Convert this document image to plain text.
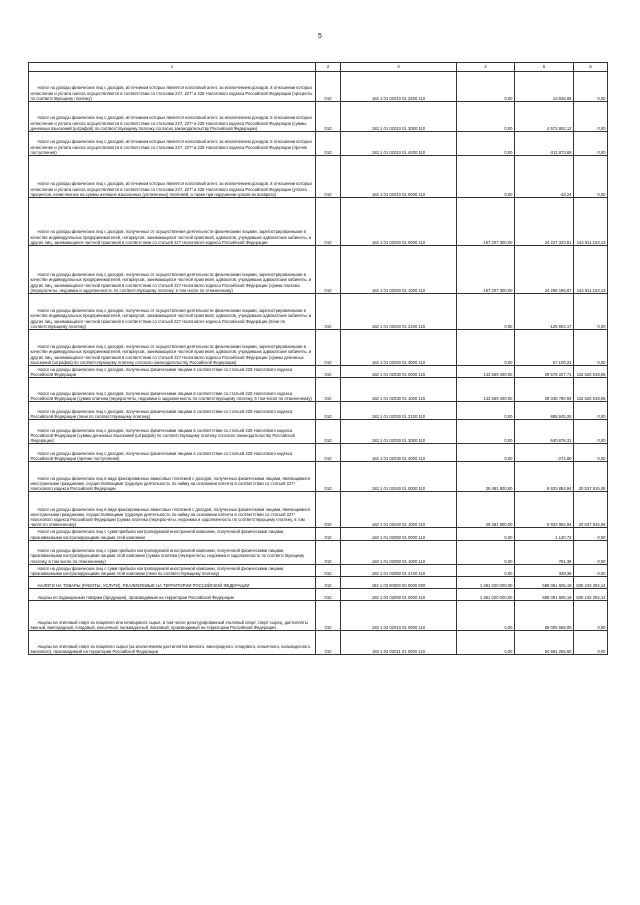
5
1	2	3	4	5	6
Налог на доходы физических лиц с доходов, источником которых является налоговый агент, за исключением доходов, в отношении которых исчисление и уплата налога осуществляются в соответствии со статьями 227, 227¹ и 228 Налогового кодекса Российской Федерации (проценты по соответствующему платежу)	010	182 1 01 02010 01 2200 110	0,00	13 826,66	0,00
Налог на доходы физических лиц с доходов, источником которых является налоговый агент, за исключением доходов, в отношении которых исчисление и уплата налога осуществляются в соответствии со статьями 227, 227¹ и 228 Налогового кодекса Российской Федерации (суммы денежных взысканий (штрафов) по соответствующему платежу согласно законодательству Российской Федерации)	010	182 1 01 02010 01 3000 110	0,00	4 573 902,12	0,00
Налог на доходы физических лиц с доходов, источником которых является налоговый агент, за исключением доходов, в отношении которых исчисление и уплата налога осуществляются в соответствии со статьями 227, 227¹ и 228 Налогового кодекса Российской Федерации (прочие поступления)	010	182 1 01 02010 01 4000 110	0,00	-211 873,69	0,00
Налог на доходы физических лиц с доходов, источником которых является налоговый агент, за исключением доходов, в отношении которых исчисление и уплата налога осуществляются в соответствии со статьями 227, 227¹ и 228 Налогового кодекса Российской Федерации (уплата процентов, начисленных на суммы излишне взысканных (уплаченных) платежей, а также при нарушении сроков их возврата)	010	182 1 01 02010 01 5000 110	0,00	-43,24	0,00
Налог на доходы физических лиц с доходов, полученных от осуществления деятельности физическими лицами, зарегистрированными в качестве индивидуальных предпринимателей, нотариусов, занимающихся частной практикой, адвокатов, учредивших адвокатские кабинеты, и других лиц, занимающихся частной практикой в соответствии со статьей 227 Налогового кодекса Российской Федерации	010	182 1 01 02020 01 0000 110	167 207 300,00	24 227 333,81	142 911 103,13
Налог на доходы физических лиц с доходов, полученных от осуществления деятельности физическими лицами, зарегистрированными в качестве индивидуальных предпринимателей, нотариусов, занимающихся частной практикой, адвокатов, учредивших адвокатские кабинеты, и других лиц, занимающихся частной практикой в соответствии со статьей 227 Налогового кодекса Российской Федерации (сумма платежа (перерасчеты, недоимка и задолженность по соответствующему платежу, в том числе по отмененному)	010	182 1 01 02020 01 1000 110	167 207 300,00	24 296 196,87	142 911 103,13
Налог на доходы физических лиц с доходов, полученных от осуществления деятельности физическими лицами, зарегистрированными в качестве индивидуальных предпринимателей, нотариусов, занимающихся частной практикой, адвокатов, учредивших адвокатские кабинеты, и других лиц, занимающихся частной практикой в соответствии со статьей 227 Налогового кодекса Российской Федерации (пени по соответствующему платежу)	010	182 1 01 02020 01 2100 110	0,00	-125 903,17	0,00
Налог на доходы физических лиц с доходов, полученных от осуществления деятельности физическими лицами, зарегистрированными в качестве индивидуальных предпринимателей, нотариусов, занимающихся частной практикой, адвокатов, учредивших адвокатские кабинеты, и других лиц, занимающихся частной практикой в соответствии со статьей 227 Налогового кодекса Российской Федерации (суммы денежных взысканий (штрафов) по соответствующему платежу согласно законодательству Российской Федерации)	010	182 1 01 02020 01 3000 110	0,00	57 100,21	0,00
Налог на доходы физических лиц с доходов, полученных физическими лицами в соответствии со статьей 228 Налогового кодекса Российской Федерации	010	182 1 01 02030 01 0000 110	143 569 400,00	29 578 227,71	116 520 619,06
Налог на доходы физических лиц с доходов, полученных физическими лицами в соответствии со статьей 228 Налогового кодекса Российской Федерации (сумма платежа (перерасчеты, недоимка и задолженность по соответствующему платежу, в том числе по отмененному)	010	182 1 01 02030 01 1000 110	143 569 400,00	28 048 780,94	116 520 619,06
Налог на доходы физических лиц с доходов, полученных физическими лицами в соответствии со статьей 228 Налогового кодекса Российской Федерации (пени по соответствующему платежу)	010	182 1 01 02030 01 2100 110	0,00	888 845,26	0,00
Налог на доходы физических лиц с доходов, полученных физическими лицами в соответствии со статьей 228 Налогового кодекса Российской Федерации (суммы денежных взысканий (штрафов) по соответствующему платежу согласно законодательству Российской Федерации)	010	182 1 01 02030 01 3000 110	0,00	640 876,31	0,00
Налог на доходы физических лиц с доходов, полученных физическими лицами в соответствии со статьей 228 Налогового кодекса Российской Федерации (прочие поступления)	010	182 1 01 02030 01 4000 110	0,00	-274,80	0,00
Налог на доходы физических лиц в виде фиксированных авансовых платежей с доходов, полученных физическими лицами, являющимися иностранными гражданами, осуществляющими трудовую деятельность по найму на основании патента в соответствии со статьей 227¹ Налогового кодекса Российской Федерации	010	182 1 01 02040 01 0000 110	29 481 800,00	8 933 884,94	20 537 915,06
Налог на доходы физических лиц в виде фиксированных авансовых платежей с доходов, полученных физическими лицами, являющимися иностранными гражданами, осуществляющими трудовую деятельность по найму на основании патента в соответствии со статьей 227¹ Налогового кодекса Российской Федерации (сумма платежа (перерасчеты, недоимка и задолженность по соответствующему платежу, в том числе по отмененному)	010	182 1 01 02040 01 1000 110	29 481 800,00	8 933 884,94	20 537 915,06
Налог на доходы физических лиц с сумм прибыли контролируемой иностранной компании, полученной физическими лицами, признаваемыми контролирующими лицами этой компании	010	182 1 01 02050 01 0000 110	0,00	1 120,72	0,00
Налог на доходы физических лиц с сумм прибыли контролируемой иностранной компании, полученной физическими лицами, признаваемыми контролирующими лицами этой компании (сумма платежа (перерасчеты, недоимка и задолженность по соответствующему платежу, в том числе по отмененному)	010	182 1 01 02050 01 1000 110	0,00	791,36	0,00
Налог на доходы физических лиц с сумм прибыли контролируемой иностранной компании, полученной физическими лицами, признаваемыми контролирующими лицами этой компании (пени по соответствующему платежу)	010	182 1 01 02050 01 2100 110	0,00	329,36	0,00
НАЛОГИ НА ТОВАРЫ (РАБОТЫ, УСЛУГИ), РЕАЛИЗУЕМЫЕ НА ТЕРРИТОРИИ РОССИЙСКОЙ ФЕДЕРАЦИИ	010	182 1 03 00000 00 0000 000	1 361 020 000,00	589 091 605,19	830 242 294,14
Акцизы по подакцизным товарам (продукции), производимым на территории Российской Федерации	010	182 1 03 02000 01 0000 110	1 361 020 000,00	589 091 605,19	830 242 294,14
Акцизы на этиловый спирт из пищевого или непищевого сырья, в том числе денатурированный этиловый спирт, спирт-сырец, дистилляты винный, виноградный, плодовый, коньячный, кальвадосный, висковый, производимый на территории Российской Федерации	010	182 1 03 02010 01 0000 110	0,00	69 005 566,00	0,00
Акцизы на этиловый спирт из пищевого сырья (за исключением дистиллятов винного, виноградного, плодового, коньячного, кальвадосного, вискового), производимый на территории Российской Федерации	010	182 1 03 02011 01 0000 110	0,00	54 581 256,50	0,00
